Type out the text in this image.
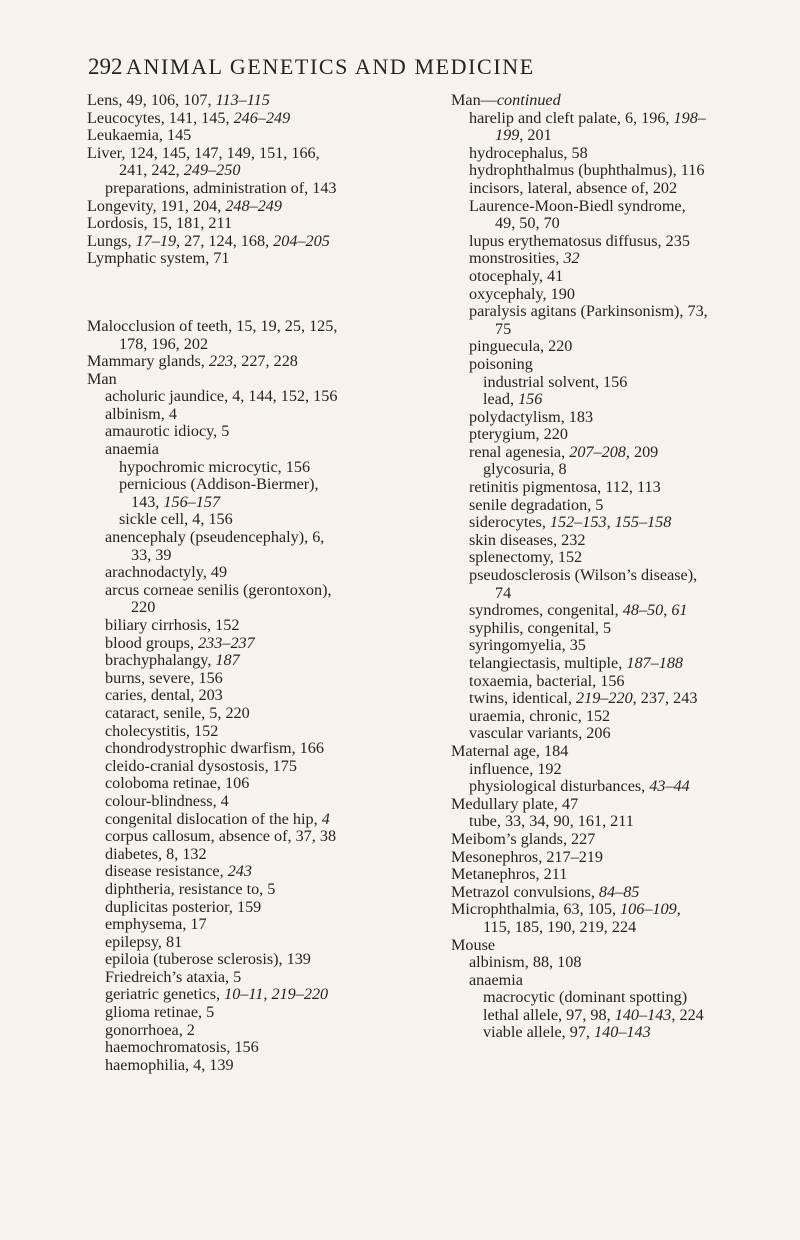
292 ANIMAL GENETICS AND MEDICINE

Lens, 49, 106, 107, 113–115

Leucocytes, 141, 145, 246–249

Leukaemia, 145

Liver, 124, 145, 147, 149, 151, 166,

241, 242, 249–250

preparations, administration of, 143

Longevity, 191, 204, 248–249

Lordosis, 15, 181, 211

Lungs, 17–19, 27, 124, 168, 204–205

Lymphatic system, 71

Malocclusion of teeth, 15, 19, 25, 125,

178, 196, 202

Mammary glands, 223, 227, 228

Man

acholuric jaundice, 4, 144, 152, 156

albinism, 4

amaurotic idiocy, 5

anaemia

hypochromic microcytic, 156

pernicious (Addison-Biermer),

143, 156–157

sickle cell, 4, 156

anencephaly (pseudencephaly), 6,

33, 39

arachnodactyly, 49

arcus corneae senilis (gerontoxon),

220

biliary cirrhosis, 152

blood groups, 233–237

brachyphalangy, 187

burns, severe, 156

caries, dental, 203

cataract, senile, 5, 220

cholecystitis, 152

chondrodystrophic dwarfism, 166

cleido-cranial dysostosis, 175

coloboma retinae, 106

colour-blindness, 4

congenital dislocation of the hip, 4

corpus callosum, absence of, 37, 38

diabetes, 8, 132

disease resistance, 243

diphtheria, resistance to, 5

duplicitas posterior, 159

emphysema, 17

epilepsy, 81

epiloia (tuberose sclerosis), 139

Friedreich’s ataxia, 5

geriatric genetics, 10–11, 219–220

glioma retinae, 5

gonorrhoea, 2

haemochromatosis, 156

haemophilia, 4, 139

Man—continued

harelip and cleft palate, 6, 196, 198–

199, 201

hydrocephalus, 58

hydrophthalmus (buphthalmus), 116

incisors, lateral, absence of, 202

Laurence-Moon-Biedl syndrome,

49, 50, 70

lupus erythematosus diffusus, 235

monstrosities, 32

otocephaly, 41

oxycephaly, 190

paralysis agitans (Parkinsonism), 73,

75

pinguecula, 220

poisoning

industrial solvent, 156

lead, 156

polydactylism, 183

pterygium, 220

renal agenesia, 207–208, 209

glycosuria, 8

retinitis pigmentosa, 112, 113

senile degradation, 5

siderocytes, 152–153, 155–158

skin diseases, 232

splenectomy, 152

pseudosclerosis (Wilson’s disease),

74

syndromes, congenital, 48–50, 61

syphilis, congenital, 5

syringomyelia, 35

telangiectasis, multiple, 187–188

toxaemia, bacterial, 156

twins, identical, 219–220, 237, 243

uraemia, chronic, 152

vascular variants, 206

Maternal age, 184

influence, 192

physiological disturbances, 43–44

Medullary plate, 47

tube, 33, 34, 90, 161, 211

Meibom’s glands, 227

Mesonephros, 217–219

Metanephros, 211

Metrazol convulsions, 84–85

Microphthalmia, 63, 105, 106–109,

115, 185, 190, 219, 224

Mouse

albinism, 88, 108

anaemia

macrocytic (dominant spotting)

lethal allele, 97, 98, 140–143, 224

viable allele, 97, 140–143
